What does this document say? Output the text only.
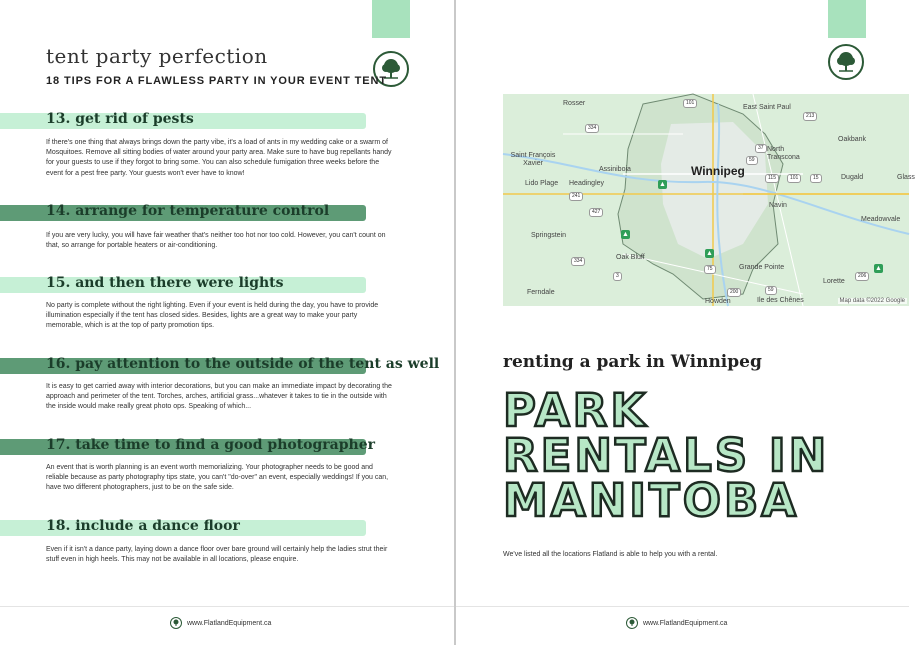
tent party perfection
18 TIPS FOR A FLAWLESS PARTY IN YOUR EVENT TENT
13. get rid of pests
If there's one thing that always brings down the party vibe, it's a load of ants in my wedding cake or a swarm of Mosquitoes. Remove all sitting bodies of water around your party area. Make sure to have bug repellants handy for your guests to use if they forgot to bring some. You can also schedule fumigation three weeks before the event for a pest free party. Your guests won't ever have to know!
14. arrange for temperature control
If you are very lucky, you will have fair weather that's neither too hot nor too cold. However, you can't count on that, so arrange for portable heaters or air-conditioning.
15. and then there were lights
No party is complete without the right lighting. Even if your event is held during the day, you have to provide illumination especially if the tent has closed sides. Besides, lights are a great way to make your party memorable, which is at the top of party promotion tips.
16. pay attention to the outside of the tent as well
It is easy to get carried away with interior decorations, but you can make an immediate impact by decorating the approach and perimeter of the tent. Torches, arches, artificial grass...whatever it takes to tie in the outside with the inside would make really great photo ops. Speaking of which...
17. take time to find a good photographer
An event that is worth planning is an event worth memorializing. Your photographer needs to be good and reliable because as party photography tips state, you can't "do-over" an event, especially weddings! If you can, have two different photographers, just to be on the safe side.
18. include a dance floor
Even if it isn't a dance party, laying down a dance floor over bare ground will certainly help the ladies strut their stuff even in high heels. This may not be available in all locations, please enquire.
www.FlatlandEquipment.ca
Rosser
East Saint Paul
Oakbank
North Transcona
Saint François Xavier
Assiniboia	Winnipeg
Lido Plage Headingley
Dugald	Glass
Navin
Meadowvale
Springstein
Oak Bluff
Grande Pointe
Lorette
Ferndale
Howden	Ile des Chênes
101
334
213
59
37
115	101	15
241
427
334
3
75
200	59
206
▲
▲
▲
▲
Map data ©2022 Google
renting a park in Winnipeg
PARK
RENTALS IN
MANITOBA
We've listed all the locations Flatland is able to help you with a rental.
www.FlatlandEquipment.ca
